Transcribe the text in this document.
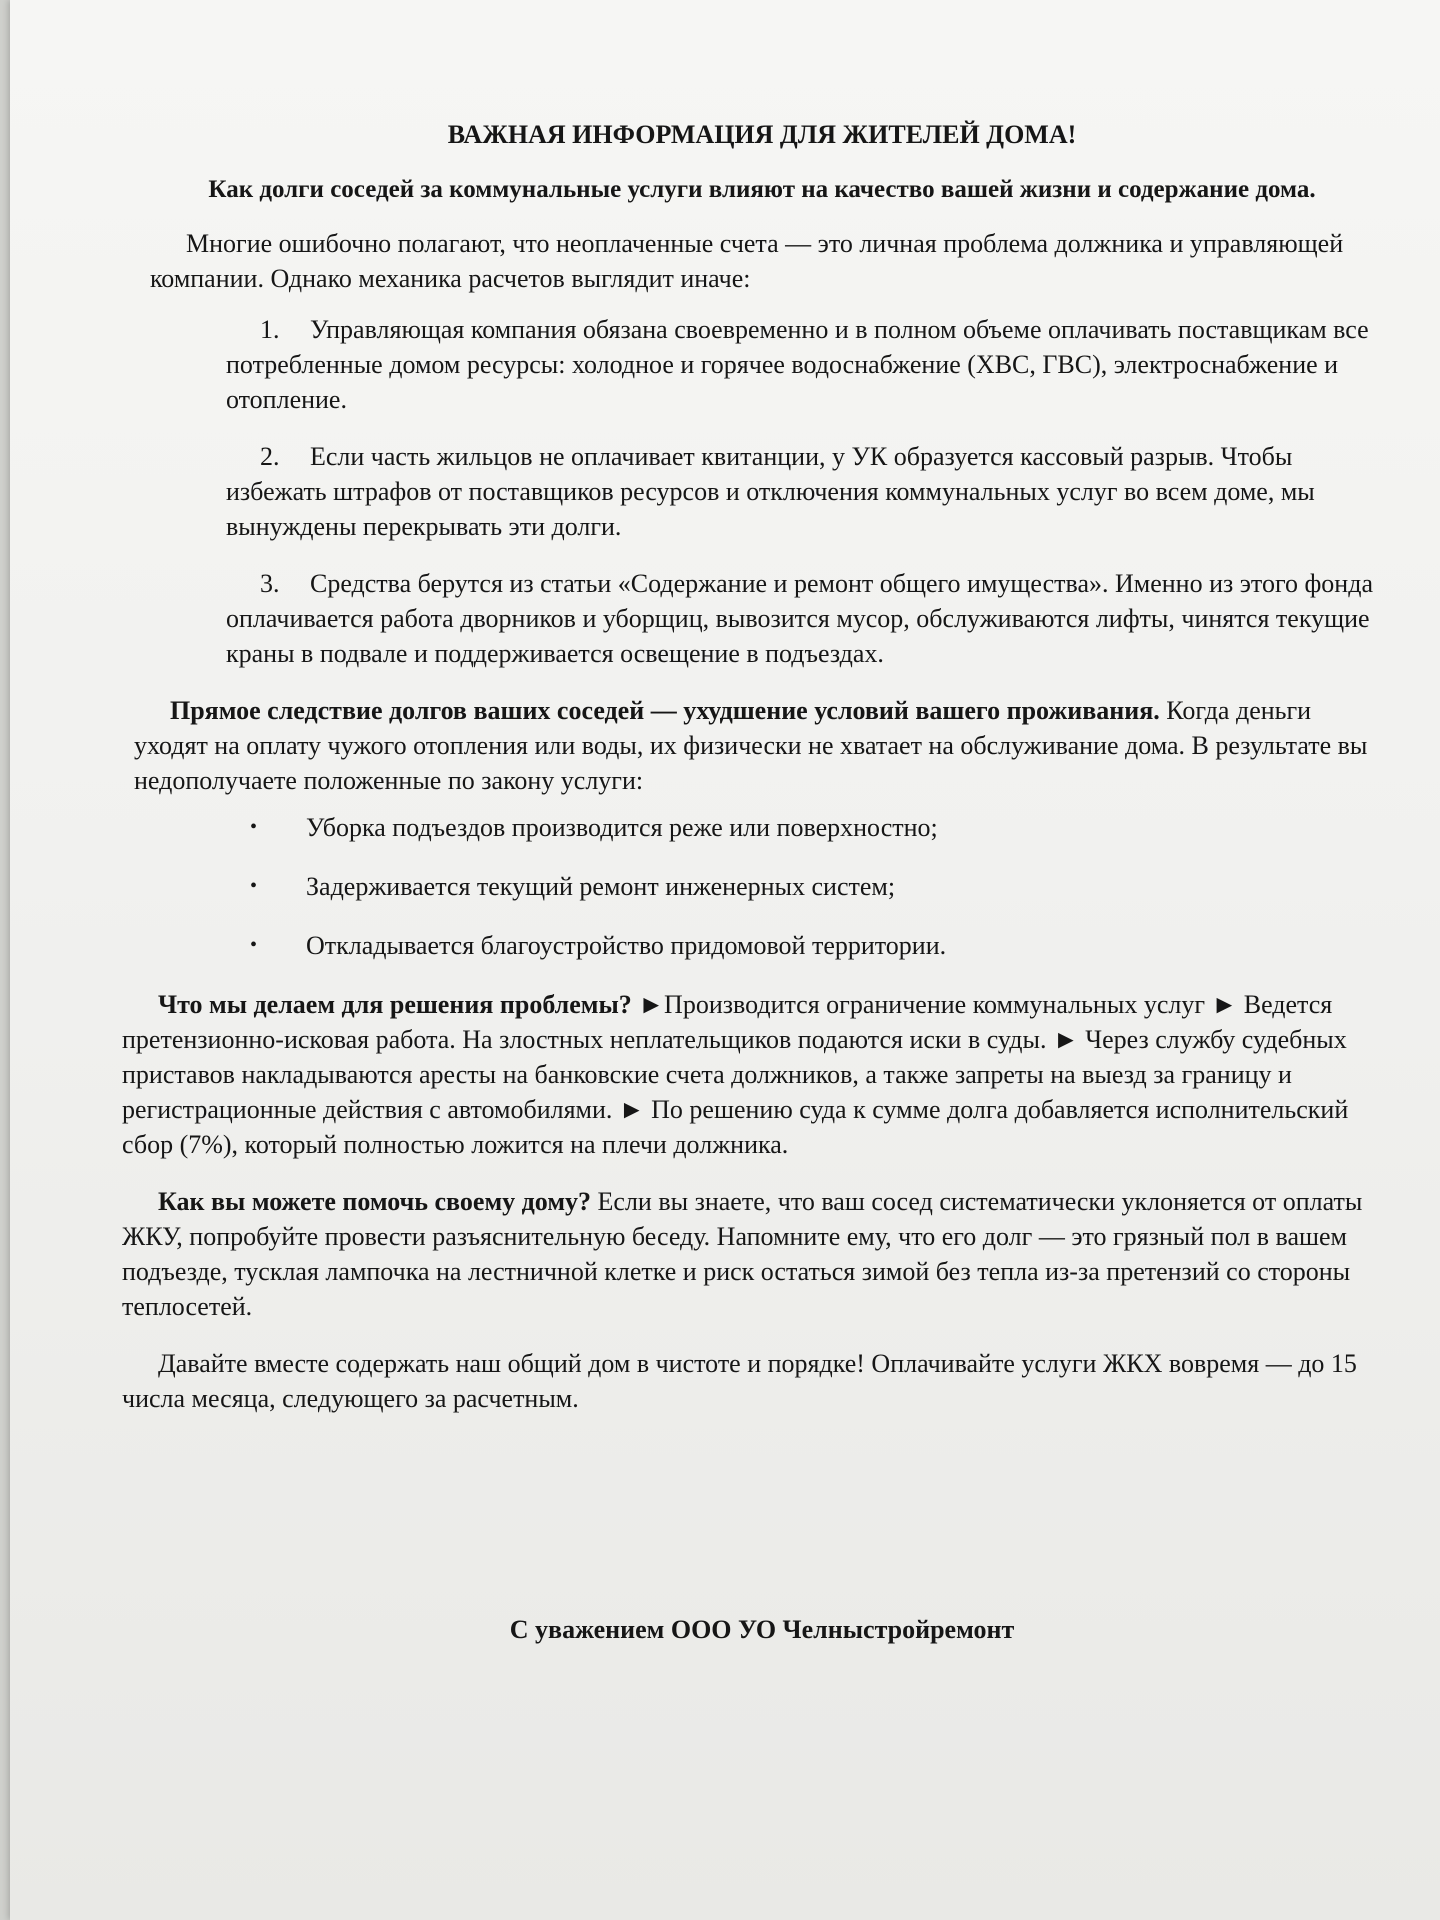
ВАЖНАЯ ИНФОРМАЦИЯ ДЛЯ ЖИТЕЛЕЙ ДОМА!
Как долги соседей за коммунальные услуги влияют на качество вашей жизни и содержание дома.

Многие ошибочно полагают, что неоплаченные счета — это личная проблема должника и управляющей компании. Однако механика расчетов выглядит иначе:

1. Управляющая компания обязана своевременно и в полном объеме оплачивать поставщикам все потребленные домом ресурсы: холодное и горячее водоснабжение (ХВС, ГВС), электроснабжение и отопление.
2. Если часть жильцов не оплачивает квитанции, у УК образуется кассовый разрыв. Чтобы избежать штрафов от поставщиков ресурсов и отключения коммунальных услуг во всем доме, мы вынуждены перекрывать эти долги.
3. Средства берутся из статьи «Содержание и ремонт общего имущества». Именно из этого фонда оплачивается работа дворников и уборщиц, вывозится мусор, обслуживаются лифты, чинятся текущие краны в подвале и поддерживается освещение в подъездах.

Прямое следствие долгов ваших соседей — ухудшение условий вашего проживания. Когда деньги уходят на оплату чужого отопления или воды, их физически не хватает на обслуживание дома. В результате вы недополучаете положенные по закону услуги:

• Уборка подъездов производится реже или поверхностно;
• Задерживается текущий ремонт инженерных систем;
• Откладывается благоустройство придомовой территории.

Что мы делаем для решения проблемы? ►Производится ограничение коммунальных услуг ► Ведется претензионно-исковая работа. На злостных неплательщиков подаются иски в суды. ► Через службу судебных приставов накладываются аресты на банковские счета должников, а также запреты на выезд за границу и регистрационные действия с автомобилями. ► По решению суда к сумме долга добавляется исполнительский сбор (7%), который полностью ложится на плечи должника.

Как вы можете помочь своему дому? Если вы знаете, что ваш сосед систематически уклоняется от оплаты ЖКУ, попробуйте провести разъяснительную беседу. Напомните ему, что его долг — это грязный пол в вашем подъезде, тусклая лампочка на лестничной клетке и риск остаться зимой без тепла из-за претензий со стороны теплосетей.

Давайте вместе содержать наш общий дом в чистоте и порядке! Оплачивайте услуги ЖКХ вовремя — до 15 числа месяца, следующего за расчетным.

С уважением ООО УО Челныстройремонт
